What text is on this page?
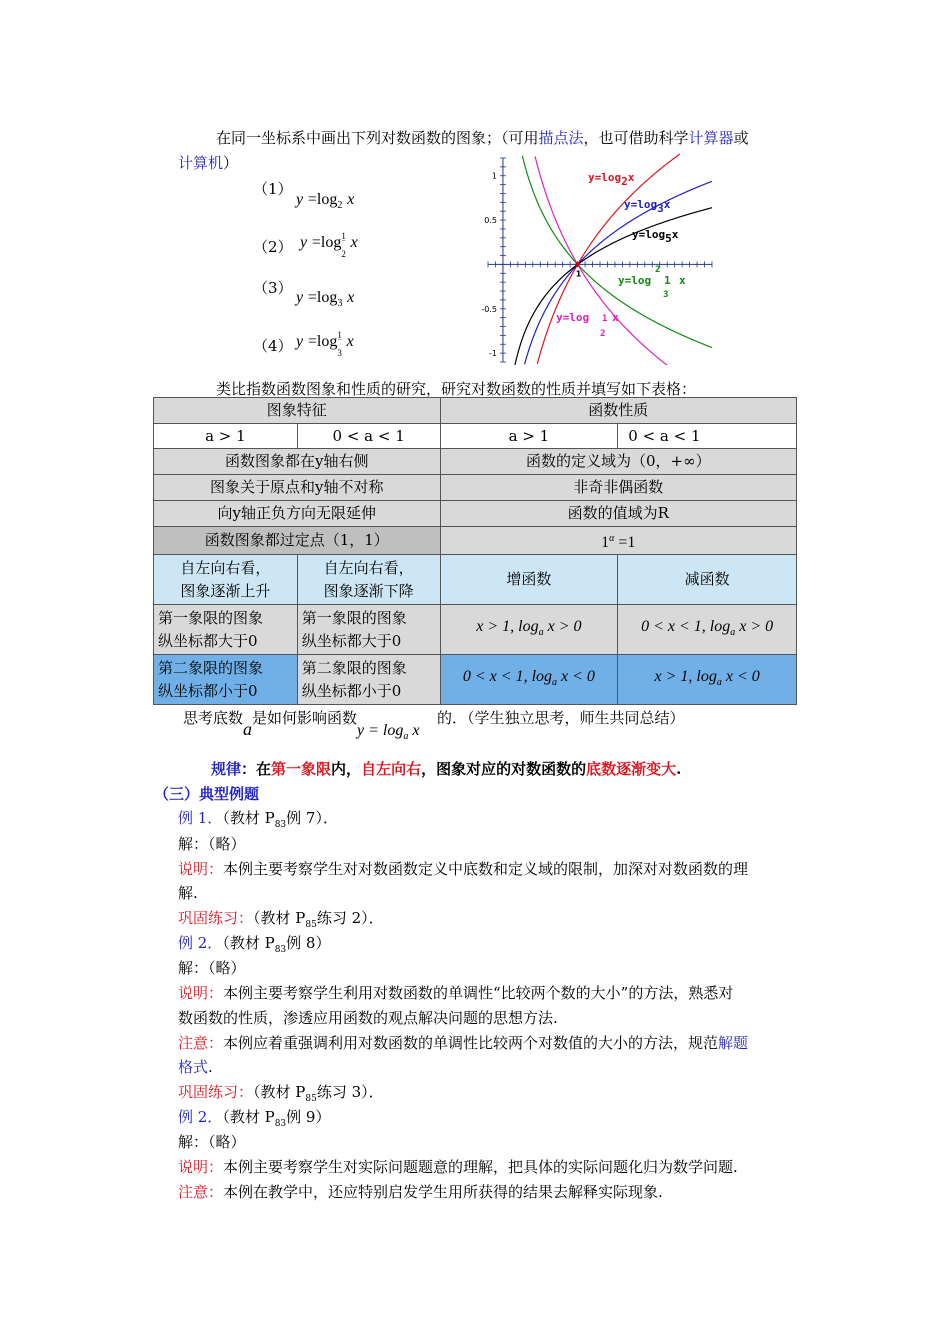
在同一坐标系中画出下列对数函数的图象；（可用描点法，也可借助科学计算器或
计算机）
（1）
$y =\log_2$ x
（2） y =log1
‾
2 x
（3）
$y =\log_3$ x
（4） y =log1
‾
3 x
1
0.5
-0.5
-1
1
y=log2x
y=log3x
y=log5x
2
y=log 1 x
3
y=log 1 x
2
类比指数函数图象和性质的研究，研究对数函数的性质并填写如下表格：
图象特征		函数性质	
a > 1	0 < a < 1	a > 1	0 < a < 1
函数图象都在y轴右侧		函数的定义域为（0，+∞）	
图象关于原点和y轴不对称		非奇非偶函数	
向y轴正负方向无限延伸		函数的值域为R	
函数图象都过定点（1，1）		$1^\alpha =1$	
自左向右看，
图象逐渐上升	自左向右看，
图象逐渐下降	增函数	减函数
第一象限的图象
纵坐标都大于0	第一象限的图象
纵坐标都大于0	x > 1, $\log_a x > 0$	0 < x < 1, $\log_a x > 0$
第二象限的图象
纵坐标都小于0	第二象限的图象
纵坐标都小于0	0 < x < 1, $\log_a x < 0$	x > 1, $\log_a x < 0$
思考底数a是如何影响函数$y = \log_a x$的．（学生独立思考，师生共同总结）
规律：在第一象限内，自左向右，图象对应的对数函数的底数逐渐变大.
（三）典型例题
例 1．（教材 $P_{83}$例 7）．
解：（略）
说明：本例主要考察学生对对数函数定义中底数和定义域的限制，加深对对数函数的理
解.
巩固练习：（教材 $P_{85}$练习 2）．
例 2．（教材 $P_{83}$例 8）
解：（略）
说明：本例主要考察学生利用对数函数的单调性“比较两个数的大小”的方法，熟悉对
数函数的性质，渗透应用函数的观点解决问题的思想方法.
注意：本例应着重强调利用对数函数的单调性比较两个对数值的大小的方法，规范解题
格式.
巩固练习：（教材 $P_{85}$练习 3）．
例 2．（教材 $P_{83}$例 9）
解：（略）
说明：本例主要考察学生对实际问题题意的理解，把具体的实际问题化归为数学问题.
注意：本例在教学中，还应特别启发学生用所获得的结果去解释实际现象.
